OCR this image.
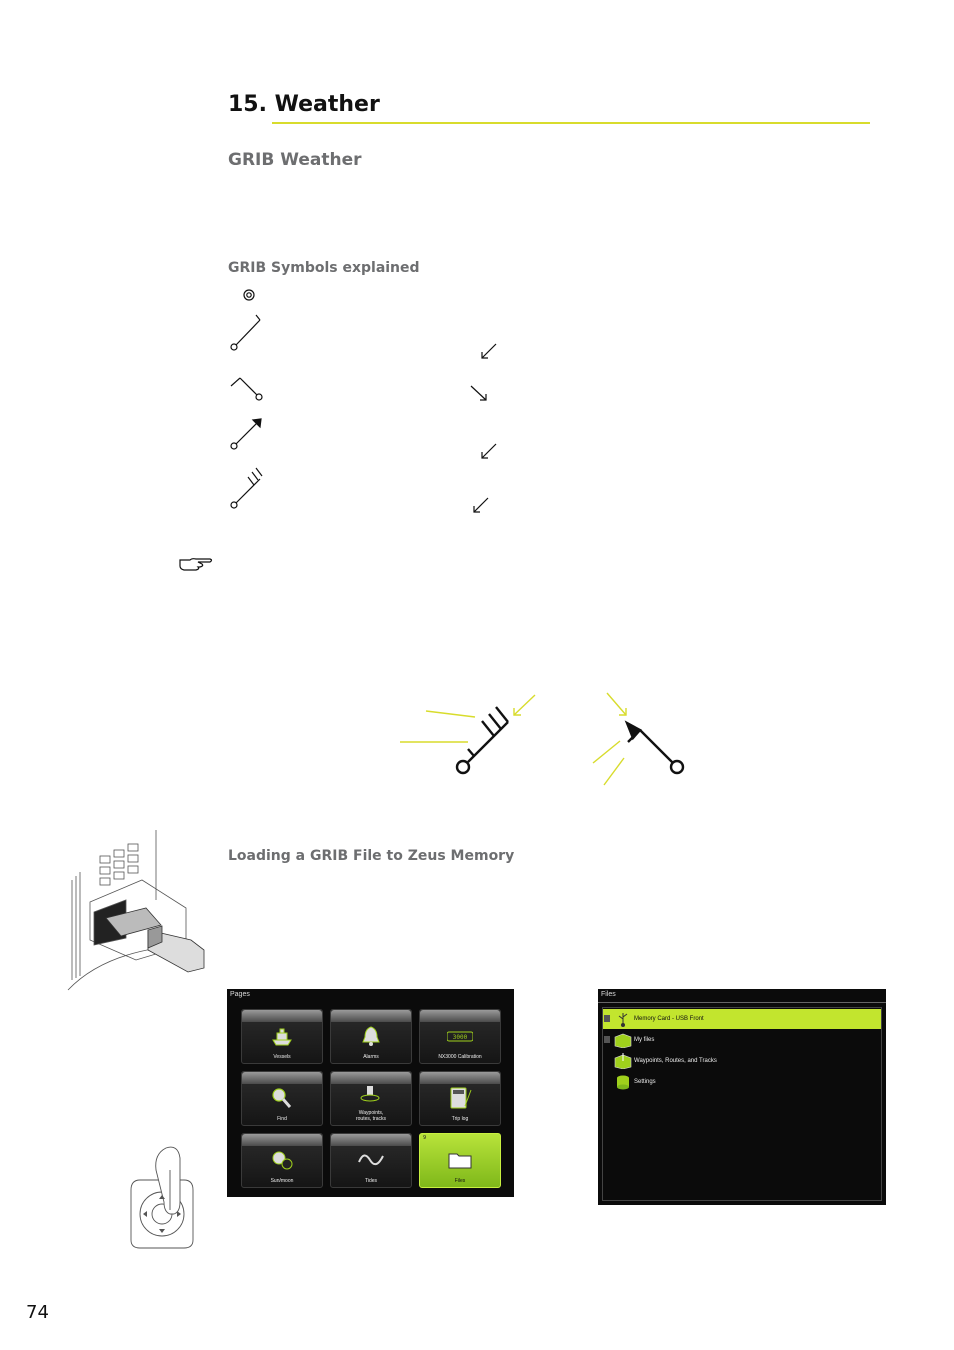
15. Weather
GRIB Weather
GRIB Symbols explained
Loading a GRIB File to Zeus Memory
Pages
Vessels	Alarms
3000
NX3000 Calibration
Find
Waypoints,
routes, tracks	Trip log
Sun/moon	Tides
9
Files
Files
Memory Card - USB Front
My files
Waypoints, Routes, and Tracks
Settings
74
